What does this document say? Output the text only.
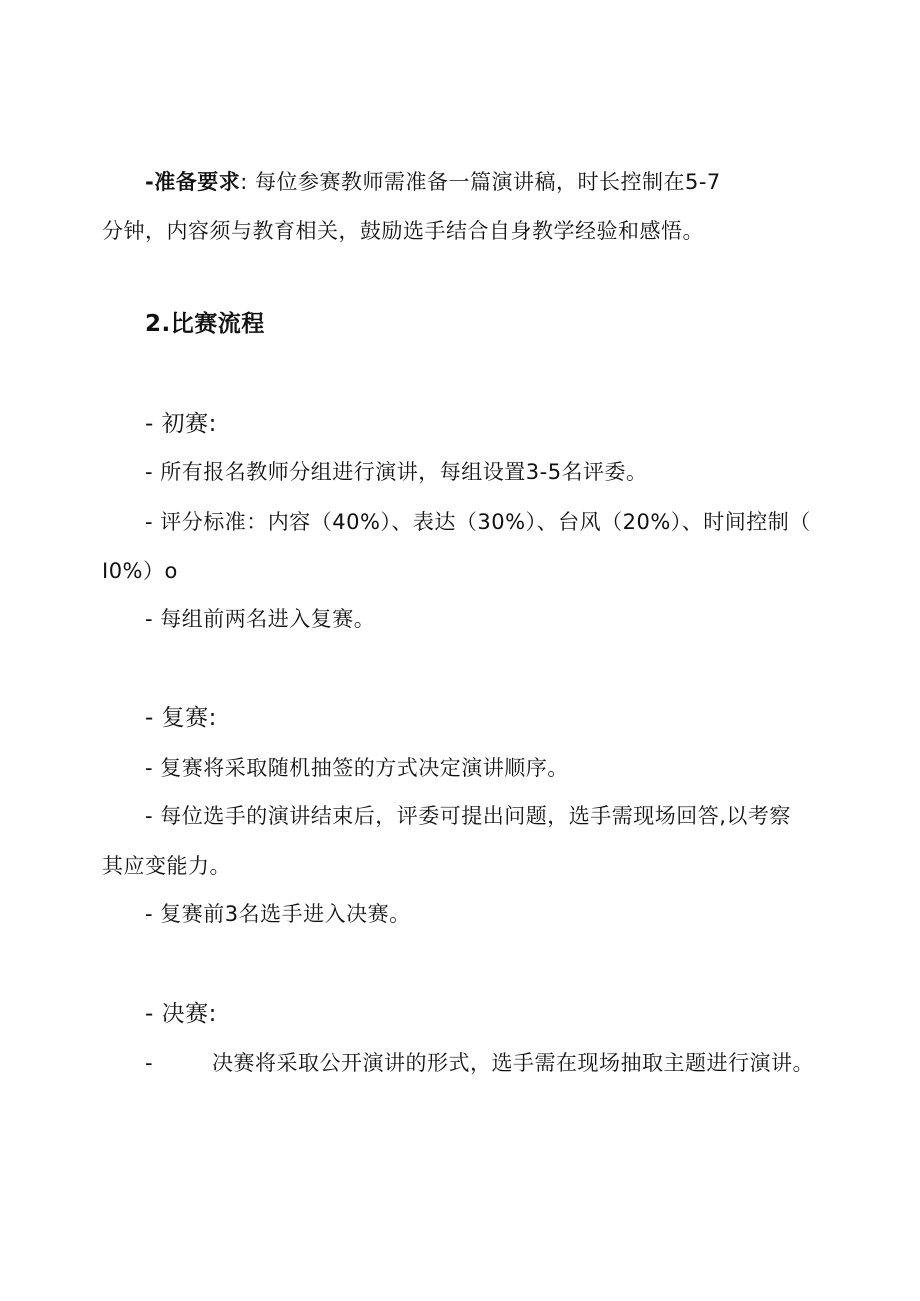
-准备要求: 每位参赛教师需准备一篇演讲稿，时长控制在5-7
分钟，内容须与教育相关，鼓励选手结合自身教学经验和感悟。
2.比赛流程
- 初赛:
- 所有报名教师分组进行演讲，每组设置3-5名评委。
- 评分标准：内容（40%）、表达（30%）、台风（20%）、时间控制（
I0%）o
- 每组前两名进入复赛。
- 复赛:
- 复赛将采取随机抽签的方式决定演讲顺序。
- 每位选手的演讲结束后，评委可提出问题，选手需现场回答,以考察
其应变能力。
- 复赛前3名选手进入决赛。
- 决赛:
-	决赛将采取公开演讲的形式，选手需在现场抽取主题进行演讲。
